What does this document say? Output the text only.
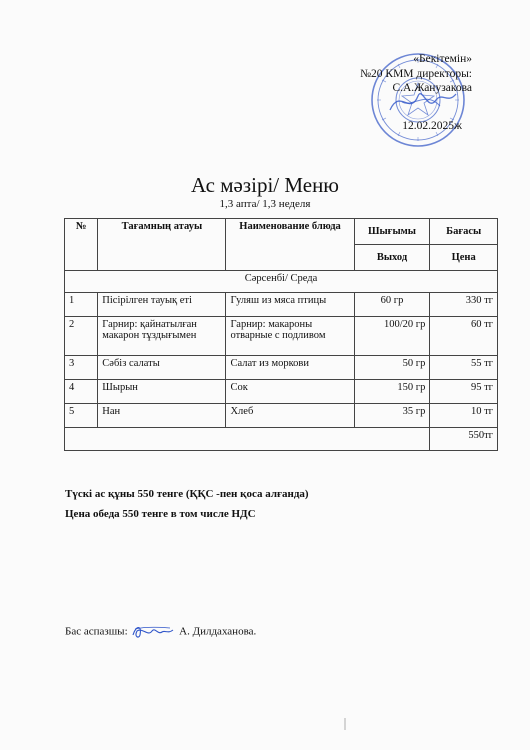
«Бекітемін»
№20 КММ директоры:
С.А.Жанузакова
12.02.2025ж
Ас мәзірі/ Меню
1,3 апта/ 1,3 неделя
№	Тағамның атауы	Наименование блюда	Шығымы	Бағасы
			Выход	Цена
Сәрсенбі/ Среда				
1	Пісірілген тауық еті	Гуляш из мяса птицы	60 гр	330 тг
2	Гарнир: қайнатылған макарон тұздығымен	Гарнир: макароны отварные с подливом	100/20 гр	60 тг
3	Сәбіз салаты	Салат из моркови	50 гр	55 тг
4	Шырын	Сок	150 гр	95 тг
5	Нан	Хлеб	35 гр	10 тг
				550тг
Түскі ас құны 550 тенге (ҚҚС -пен қоса алғанда)
Цена обеда 550 тенге в том числе НДС
Бас аспазшы:	А. Дилдаханова.
